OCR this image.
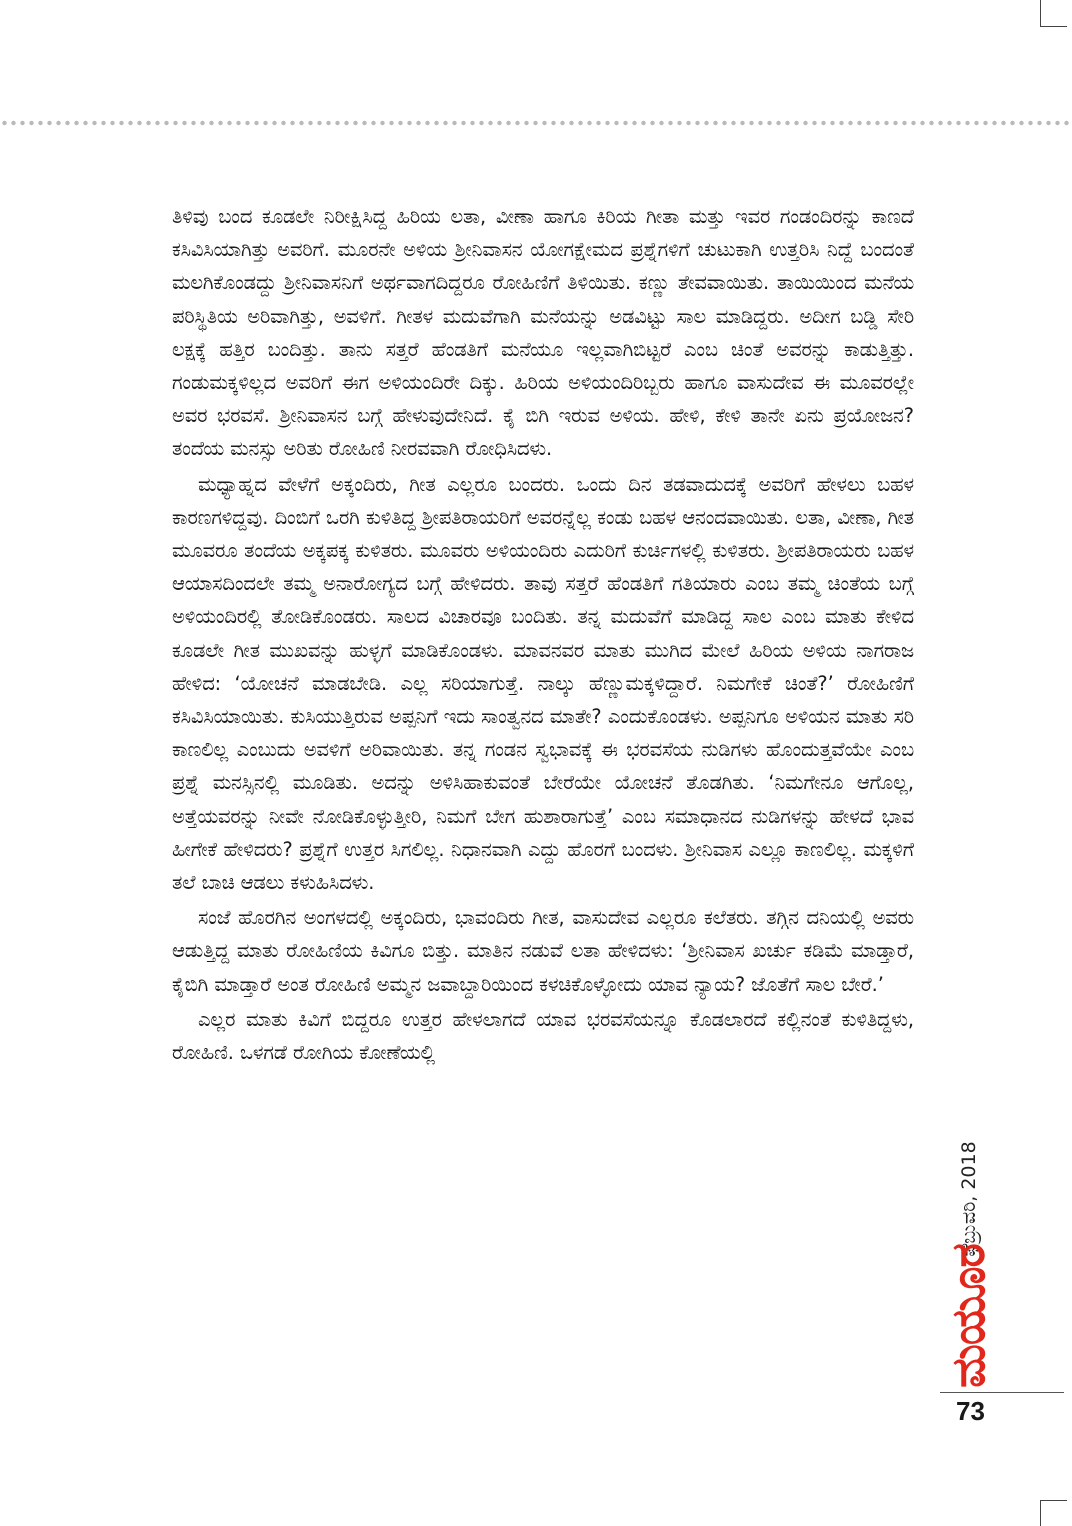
ತಿಳಿವು ಬಂದ ಕೂಡಲೇ ನಿರೀಕ್ಷಿಸಿದ್ದ ಹಿರಿಯ ಲತಾ, ವೀಣಾ ಹಾಗೂ ಕಿರಿಯ ಗೀತಾ ಮತ್ತು ಇವರ ಗಂಡಂದಿರನ್ನು ಕಾಣದೆ ಕಸಿವಿಸಿಯಾಗಿತ್ತು ಅವರಿಗೆ. ಮೂರನೇ ಅಳಿಯ ಶ್ರೀನಿವಾಸನ ಯೋಗಕ್ಷೇಮದ ಪ್ರಶ್ನೆಗಳಿಗೆ ಚುಟುಕಾಗಿ ಉತ್ತರಿಸಿ ನಿದ್ದೆ ಬಂದಂತೆ ಮಲಗಿಕೊಂಡದ್ದು ಶ್ರೀನಿವಾಸನಿಗೆ ಅರ್ಥವಾಗದಿದ್ದರೂ ರೋಹಿಣಿಗೆ ತಿಳಿಯಿತು. ಕಣ್ಣು ತೇವವಾಯಿತು. ತಾಯಿಯಿಂದ ಮನೆಯ ಪರಿಸ್ಥಿತಿಯ ಅರಿವಾಗಿತ್ತು, ಅವಳಿಗೆ. ಗೀತಳ ಮದುವೆಗಾಗಿ ಮನೆಯನ್ನು ಅಡವಿಟ್ಟು ಸಾಲ ಮಾಡಿದ್ದರು. ಅದೀಗ ಬಡ್ಡಿ ಸೇರಿ ಲಕ್ಷಕ್ಕೆ ಹತ್ತಿರ ಬಂದಿತ್ತು. ತಾನು ಸತ್ತರೆ ಹೆಂಡತಿಗೆ ಮನೆಯೂ ಇಲ್ಲವಾಗಿಬಿಟ್ಟರೆ ಎಂಬ ಚಿಂತೆ ಅವರನ್ನು ಕಾಡುತ್ತಿತ್ತು. ಗಂಡುಮಕ್ಕಳಿಲ್ಲದ ಅವರಿಗೆ ಈಗ ಅಳಿಯಂದಿರೇ ದಿಕ್ಕು. ಹಿರಿಯ ಅಳಿಯಂದಿರಿಬ್ಬರು ಹಾಗೂ ವಾಸುದೇವ ಈ ಮೂವರಲ್ಲೇ ಅವರ ಭರವಸೆ. ಶ್ರೀನಿವಾಸನ ಬಗ್ಗೆ ಹೇಳುವುದೇನಿದೆ. ಕೈ ಬಿಗಿ ಇರುವ ಅಳಿಯ. ಹೇಳಿ, ಕೇಳಿ ತಾನೇ ಏನು ಪ್ರಯೋಜನ? ತಂದೆಯ ಮನಸ್ಸು ಅರಿತು ರೋಹಿಣಿ ನೀರವವಾಗಿ ರೋಧಿಸಿದಳು.

ಮಧ್ಯಾಹ್ನದ ವೇಳೆಗೆ ಅಕ್ಕಂದಿರು, ಗೀತ ಎಲ್ಲರೂ ಬಂದರು. ಒಂದು ದಿನ ತಡವಾದುದಕ್ಕೆ ಅವರಿಗೆ ಹೇಳಲು ಬಹಳ ಕಾರಣಗಳಿದ್ದವು. ದಿಂಬಿಗೆ ಒರಗಿ ಕುಳಿತಿದ್ದ ಶ್ರೀಪತಿರಾಯರಿಗೆ ಅವರನ್ನೆಲ್ಲ ಕಂಡು ಬಹಳ ಆನಂದವಾಯಿತು. ಲತಾ, ವೀಣಾ, ಗೀತ ಮೂವರೂ ತಂದೆಯ ಅಕ್ಕಪಕ್ಕ ಕುಳಿತರು. ಮೂವರು ಅಳಿಯಂದಿರು ಎದುರಿಗೆ ಕುರ್ಚಿಗಳಲ್ಲಿ ಕುಳಿತರು. ಶ್ರೀಪತಿರಾಯರು ಬಹಳ ಆಯಾಸದಿಂದಲೇ ತಮ್ಮ ಅನಾರೋಗ್ಯದ ಬಗ್ಗೆ ಹೇಳಿದರು. ತಾವು ಸತ್ತರೆ ಹೆಂಡತಿಗೆ ಗತಿಯಾರು ಎಂಬ ತಮ್ಮ ಚಿಂತೆಯ ಬಗ್ಗೆ ಅಳಿಯಂದಿರಲ್ಲಿ ತೋಡಿಕೊಂಡರು. ಸಾಲದ ವಿಚಾರವೂ ಬಂದಿತು. ತನ್ನ ಮದುವೆಗೆ ಮಾಡಿದ್ದ ಸಾಲ ಎಂಬ ಮಾತು ಕೇಳಿದ ಕೂಡಲೇ ಗೀತ ಮುಖವನ್ನು ಹುಳ್ಳಗೆ ಮಾಡಿಕೊಂಡಳು. ಮಾವನವರ ಮಾತು ಮುಗಿದ ಮೇಲೆ ಹಿರಿಯ ಅಳಿಯ ನಾಗರಾಜ ಹೇಳಿದ: ‘ಯೋಚನೆ ಮಾಡಬೇಡಿ. ಎಲ್ಲ ಸರಿಯಾಗುತ್ತೆ. ನಾಲ್ಕು ಹೆಣ್ಣುಮಕ್ಕಳಿದ್ದಾರೆ. ನಿಮಗೇಕೆ ಚಿಂತೆ?’ ರೋಹಿಣಿಗೆ ಕಸಿವಿಸಿಯಾಯಿತು. ಕುಸಿಯುತ್ತಿರುವ ಅಪ್ಪನಿಗೆ ಇದು ಸಾಂತ್ವನದ ಮಾತೇ? ಎಂದುಕೊಂಡಳು. ಅಪ್ಪನಿಗೂ ಅಳಿಯನ ಮಾತು ಸರಿ ಕಾಣಲಿಲ್ಲ ಎಂಬುದು ಅವಳಿಗೆ ಅರಿವಾಯಿತು. ತನ್ನ ಗಂಡನ ಸ್ವಭಾವಕ್ಕೆ ಈ ಭರವಸೆಯ ನುಡಿಗಳು ಹೊಂದುತ್ತವೆಯೇ ಎಂಬ ಪ್ರಶ್ನೆ ಮನಸ್ಸಿನಲ್ಲಿ ಮೂಡಿತು. ಅದನ್ನು ಅಳಿಸಿಹಾಕುವಂತೆ ಬೇರೆಯೇ ಯೋಚನೆ ತೊಡಗಿತು. ‘ನಿಮಗೇನೂ ಆಗೊಲ್ಲ, ಅತ್ತೆಯವರನ್ನು ನೀವೇ ನೋಡಿಕೊಳ್ಳುತ್ತೀರಿ, ನಿಮಗೆ ಬೇಗ ಹುಶಾರಾಗುತ್ತೆ’ ಎಂಬ ಸಮಾಧಾನದ ನುಡಿಗಳನ್ನು ಹೇಳದೆ ಭಾವ ಹೀಗೇಕೆ ಹೇಳಿದರು? ಪ್ರಶ್ನೆಗೆ ಉತ್ತರ ಸಿಗಲಿಲ್ಲ. ನಿಧಾನವಾಗಿ ಎದ್ದು ಹೊರಗೆ ಬಂದಳು. ಶ್ರೀನಿವಾಸ ಎಲ್ಲೂ ಕಾಣಲಿಲ್ಲ. ಮಕ್ಕಳಿಗೆ ತಲೆ ಬಾಚಿ ಆಡಲು ಕಳುಹಿಸಿದಳು.

ಸಂಜೆ ಹೊರಗಿನ ಅಂಗಳದಲ್ಲಿ ಅಕ್ಕಂದಿರು, ಭಾವಂದಿರು ಗೀತ, ವಾಸುದೇವ ಎಲ್ಲರೂ ಕಲೆತರು. ತಗ್ಗಿನ ದನಿಯಲ್ಲಿ ಅವರು ಆಡುತ್ತಿದ್ದ ಮಾತು ರೋಹಿಣಿಯ ಕಿವಿಗೂ ಬಿತ್ತು. ಮಾತಿನ ನಡುವೆ ಲತಾ ಹೇಳಿದಳು: ‘ಶ್ರೀನಿವಾಸ ಖರ್ಚು ಕಡಿಮೆ ಮಾಡ್ತಾರೆ, ಕೈಬಿಗಿ ಮಾಡ್ತಾರೆ ಅಂತ ರೋಹಿಣಿ ಅಮ್ಮನ ಜವಾಬ್ದಾರಿಯಿಂದ ಕಳಚಿಕೊಳ್ಳೋದು ಯಾವ ನ್ಯಾಯ? ಜೊತೆಗೆ ಸಾಲ ಬೇರೆ.’

ಎಲ್ಲರ ಮಾತು ಕಿವಿಗೆ ಬಿದ್ದರೂ ಉತ್ತರ ಹೇಳಲಾಗದೆ ಯಾವ ಭರವಸೆಯನ್ನೂ ಕೊಡಲಾರದೆ ಕಲ್ಲಿನಂತೆ ಕುಳಿತಿದ್ದಳು, ರೋಹಿಣಿ. ಒಳಗಡೆ ರೋಗಿಯ ಕೋಣೆಯಲ್ಲಿ

ಫೆಬ್ರುವರಿ, 2018
ಮಯೂರ
73
